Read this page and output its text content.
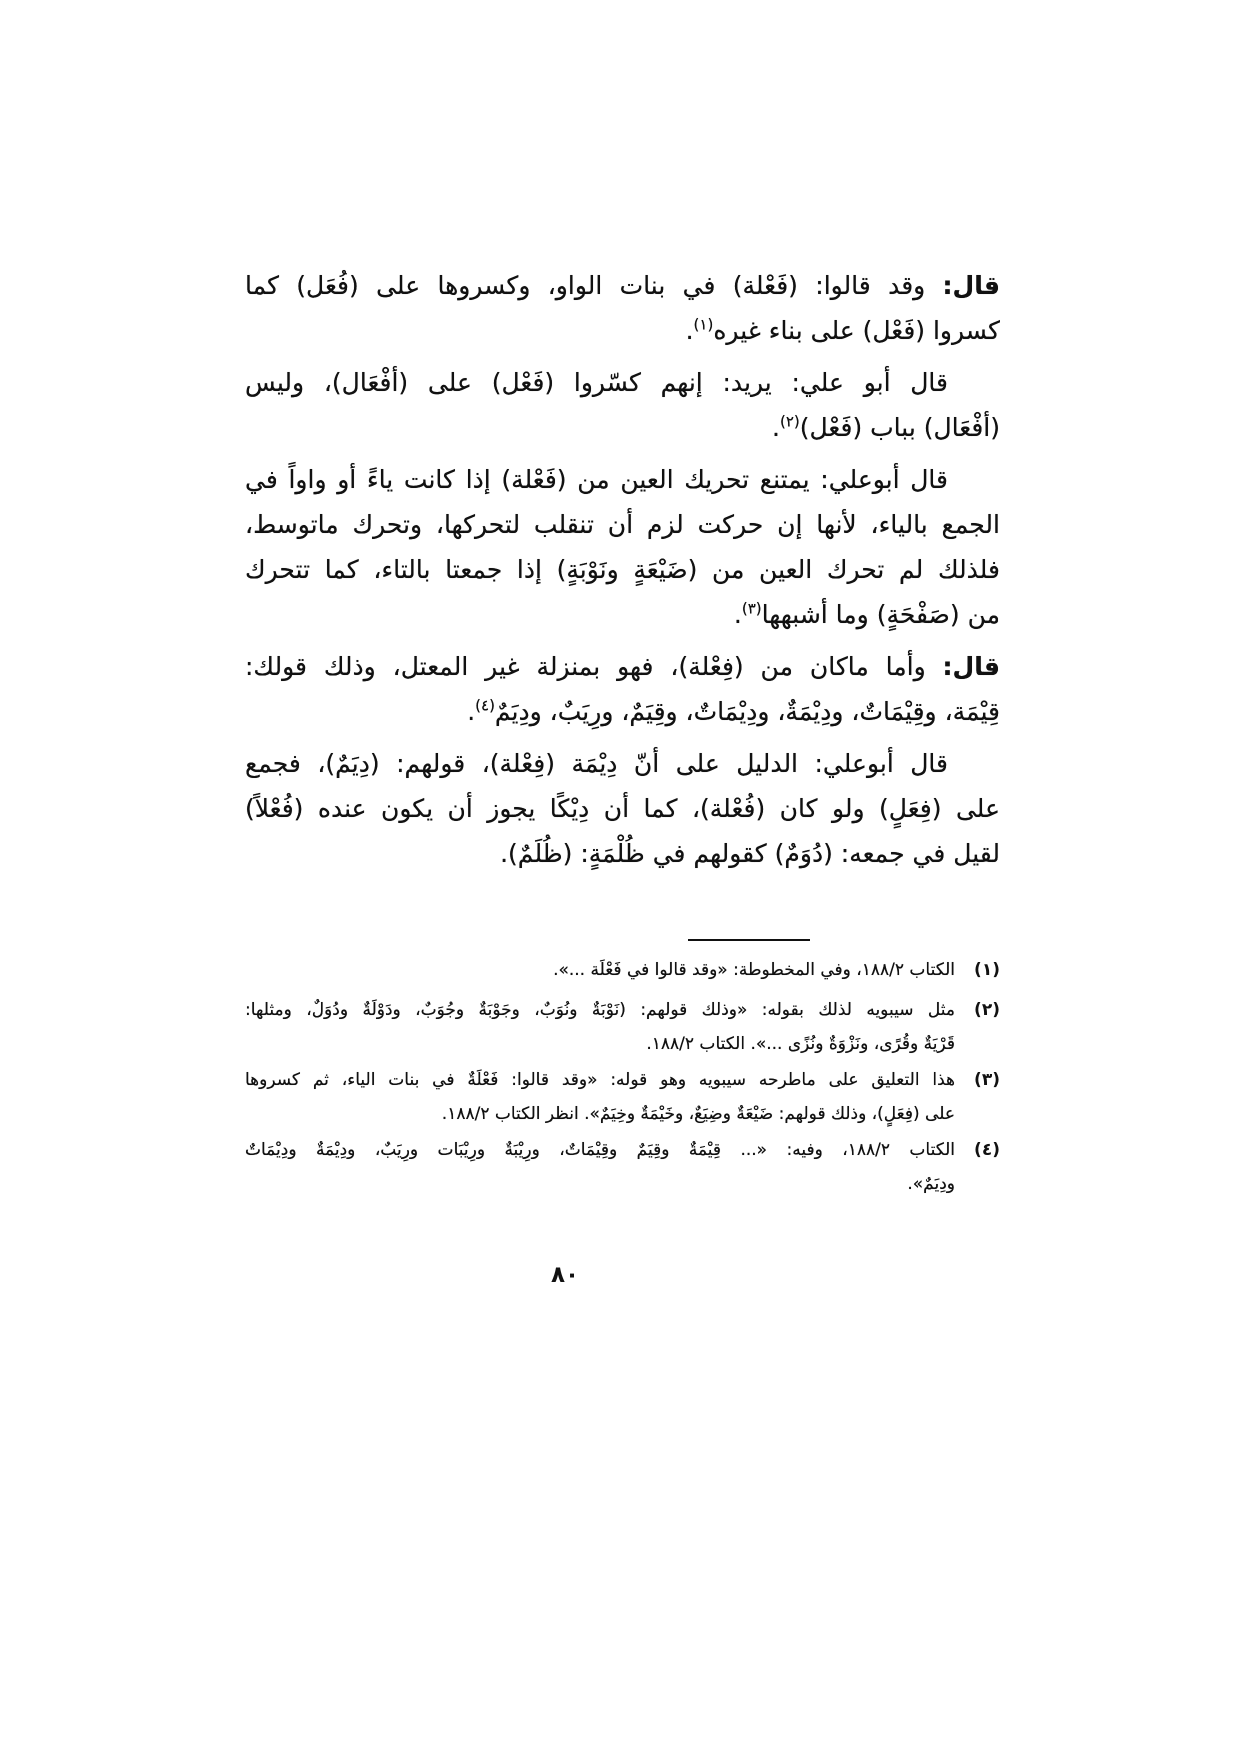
قال: وقد قالوا: (فَعْلة) في بنات الواو، وكسروها على (فُعَل) كما
كسروا (فَعْل) على بناء غيره$^{(١)}$.
قال أبو علي: يريد: إنهم كسّروا (فَعْل) على (أفْعَال)، وليس
(أفْعَال) بباب (فَعْل)$^{(٢)}$.
قال أبوعلي: يمتنع تحريك العين من (فَعْلة) إذا كانت ياءً أو واواً في
الجمع بالياء، لأنها إن حركت لزم أن تنقلب لتحركها، وتحرك ماتوسط،
فلذلك لم تحرك العين من (ضَيْعَةٍ ونَوْبَةٍ) إذا جمعتا بالتاء، كما تتحرك
من (صَفْحَةٍ) وما أشبهها$^{(٣)}$.
قال: وأما ماكان من (فِعْلة)، فهو بمنزلة غير المعتل، وذلك قولك:
قِيْمَة، وقِيْمَاتٌ، ودِيْمَةٌ، ودِيْمَاتٌ، وقِيَمٌ، ورِيَبٌ، ودِيَمٌ$^{(٤)}$.
قال أبوعلي: الدليل على أنّ دِيْمَة (فِعْلة)، قولهم: (دِيَمٌ)، فجمع
على (فِعَلٍ) ولو كان (فُعْلة)، كما أن دِيْكًا يجوز أن يكون عنده (فُعْلاً)
لقيل في جمعه: (دُوَمٌ) كقولهم في ظُلْمَةٍ: (ظُلَمٌ).
(١)
الكتاب ١٨٨/٢، وفي المخطوطة: «وقد قالوا في فَعْلَة ...».
(٢)
مثل سيبويه لذلك بقوله: «وذلك قولهم: (نَوْبَةٌ ونُوَبٌ، وجَوْبَةٌ وجُوَبٌ، ودَوْلَةٌ ودُوَلٌ، ومثلها:
قَرْيَةٌ وقُرًى، ونَزْوَةٌ ونُزًى ...». الكتاب ١٨٨/٢.
(٣)
هذا التعليق على ماطرحه سيبويه وهو قوله: «وقد قالوا: فَعْلَةٌ في بنات الياء، ثم كسروها
على (فِعَلٍ)، وذلك قولهم: ضَيْعَةٌ وضِيَعٌ، وخَيْمَةٌ وخِيَمٌ». انظر الكتاب ١٨٨/٢.
(٤)
الكتاب ١٨٨/٢، وفيه: «... قِيْمَةٌ وقِيَمٌ وقِيْمَاتٌ، ورِيْبَةٌ ورِيْبَات ورِيَبٌ، ودِيْمَةٌ ودِيْمَاتٌ
ودِيَمٌ».
٨٠
